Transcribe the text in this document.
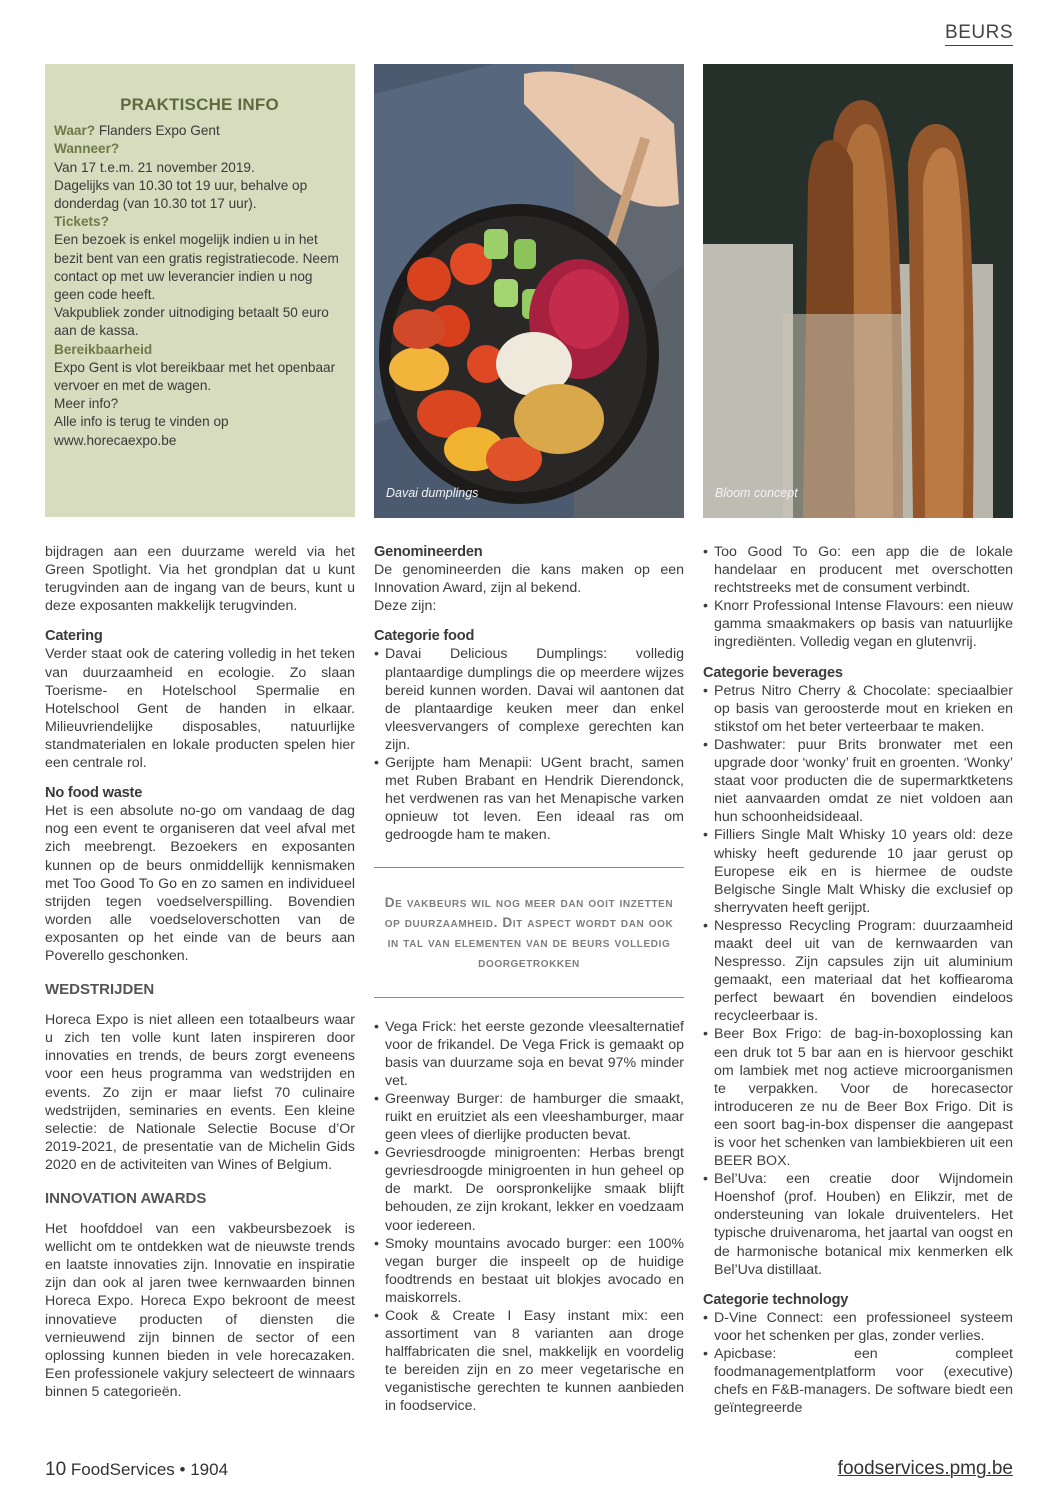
BEURS
PRAKTISCHE INFO
Waar? Flanders Expo Gent
Wanneer?
Van 17 t.e.m. 21 november 2019.
Dagelijks van 10.30 tot 19 uur, behalve op donderdag (van 10.30 tot 17 uur).
Tickets?
Een bezoek is enkel mogelijk indien u in het bezit bent van een gratis registratiecode. Neem contact op met uw leverancier indien u nog geen code heeft.
Vakpubliek zonder uitnodiging betaalt 50 euro aan de kassa.
Bereikbaarheid
Expo Gent is vlot bereikbaar met het openbaar vervoer en met de wagen.
Meer info?
Alle info is terug te vinden op www.horecaexpo.be
Davai dumplings	Bloom concept

bijdragen aan een duurzame wereld via het Green Spotlight. Via het grondplan dat u kunt terugvinden aan de ingang van de beurs, kunt u deze exposanten makkelijk terugvinden.

Catering

Verder staat ook de catering volledig in het teken van duurzaamheid en ecologie. Zo slaan Toerisme- en Hotelschool Spermalie en Hotelschool Gent de handen in elkaar. Milieuvriendelijke disposables, natuurlijke standmaterialen en lokale producten spelen hier een centrale rol.

No food waste

Het is een absolute no-go om vandaag de dag nog een event te organiseren dat veel afval met zich meebrengt. Bezoekers en exposanten kunnen op de beurs onmiddellijk kennismaken met Too Good To Go en zo samen en individueel strijden tegen voedselverspilling. Bovendien worden alle voedseloverschotten van de exposanten op het einde van de beurs aan Poverello geschonken.

WEDSTRIJDEN

Horeca Expo is niet alleen een totaalbeurs waar u zich ten volle kunt laten inspireren door innovaties en trends, de beurs zorgt eveneens voor een heus programma van wedstrijden en events. Zo zijn er maar liefst 70 culinaire wedstrijden, seminaries en events. Een kleine selectie: de Nationale Selectie Bocuse d’Or 2019-2021, de presentatie van de Michelin Gids 2020 en de activiteiten van Wines of Belgium.

INNOVATION AWARDS

Het hoofddoel van een vakbeursbezoek is wellicht om te ontdekken wat de nieuwste trends en laatste innovaties zijn. Innovatie en inspiratie zijn dan ook al jaren twee kernwaarden binnen Horeca Expo. Horeca Expo bekroont de meest innovatieve producten of diensten die vernieuwend zijn binnen de sector of een oplossing kunnen bieden in vele horecazaken. Een professionele vakjury selecteert de winnaars binnen 5 categorieën.

Genomineerden

De genomineerden die kans maken op een Innovation Award, zijn al bekend.

Deze zijn:

Categorie food
• Davai Delicious Dumplings: volledig plantaardige dumplings die op meerdere wijzes bereid kunnen worden. Davai wil aantonen dat de plantaardige keuken meer dan enkel vleesvervangers of complexe gerechten kan zijn.
• Gerijpte ham Menapii: UGent bracht, samen met Ruben Brabant en Hendrik Dierendonck, het verdwenen ras van het Menapische varken opnieuw tot leven. Een ideaal ras om gedroogde ham te maken.
De vakbeurs wil nog meer dan ooit inzetten op duurzaamheid. Dit aspect wordt dan ook in tal van elementen van de beurs volledig doorgetrokken
• Vega Frick: het eerste gezonde vleesalternatief voor de frikandel. De Vega Frick is gemaakt op basis van duurzame soja en bevat 97% minder vet.
• Greenway Burger: de hamburger die smaakt, ruikt en eruitziet als een vleeshamburger, maar geen vlees of dierlijke producten bevat.
• Gevriesdroogde minigroenten: Herbas brengt gevriesdroogde minigroenten in hun geheel op de markt. De oorspronkelijke smaak blijft behouden, ze zijn krokant, lekker en voedzaam voor iedereen.
• Smoky mountains avocado burger: een 100% vegan burger die inspeelt op de huidige foodtrends en bestaat uit blokjes avocado en maiskorrels.
• Cook & Create I Easy instant mix: een assortiment van 8 varianten aan droge halffabricaten die snel, makkelijk en voordelig te bereiden zijn en zo meer vegetarische en veganistische gerechten te kunnen aanbieden in foodservice.
• Too Good To Go: een app die de lokale handelaar en producent met overschotten rechtstreeks met de consument verbindt.
• Knorr Professional Intense Flavours: een nieuw gamma smaakmakers op basis van natuurlijke ingrediënten. Volledig vegan en glutenvrij.
Categorie beverages
• Petrus Nitro Cherry & Chocolate: speciaalbier op basis van geroosterde mout en krieken en stikstof om het beter verteerbaar te maken.
• Dashwater: puur Brits bronwater met een upgrade door ‘wonky’ fruit en groenten. ‘Wonky’ staat voor producten die de supermarktketens niet aanvaarden omdat ze niet voldoen aan hun schoonheidsideaal.
• Filliers Single Malt Whisky 10 years old: deze whisky heeft gedurende 10 jaar gerust op Europese eik en is hiermee de oudste Belgische Single Malt Whisky die exclusief op sherryvaten heeft gerijpt.
• Nespresso Recycling Program: duurzaamheid maakt deel uit van de kernwaarden van Nespresso. Zijn capsules zijn uit aluminium gemaakt, een materiaal dat het koffiearoma perfect bewaart én bovendien eindeloos recycleerbaar is.
• Beer Box Frigo: de bag-in-boxoplossing kan een druk tot 5 bar aan en is hiervoor geschikt om lambiek met nog actieve microorganismen te verpakken. Voor de horecasector introduceren ze nu de Beer Box Frigo. Dit is een soort bag-in-box dispenser die aangepast is voor het schenken van lambiekbieren uit een BEER BOX.
• Bel’Uva: een creatie door Wijndomein Hoenshof (prof. Houben) en Elikzir, met de ondersteuning van lokale druiventelers. Het typische druivenaroma, het jaartal van oogst en de harmonische botanical mix kenmerken elk Bel’Uva distillaat.
Categorie technology
• D-Vine Connect: een professioneel systeem voor het schenken per glas, zonder verlies.
• Apicbase: een compleet foodmanagementplatform voor (executive) chefs en F&B-managers. De software biedt een geïntegreerde
10 FoodServices • 1904	foodservices.pmg.be
